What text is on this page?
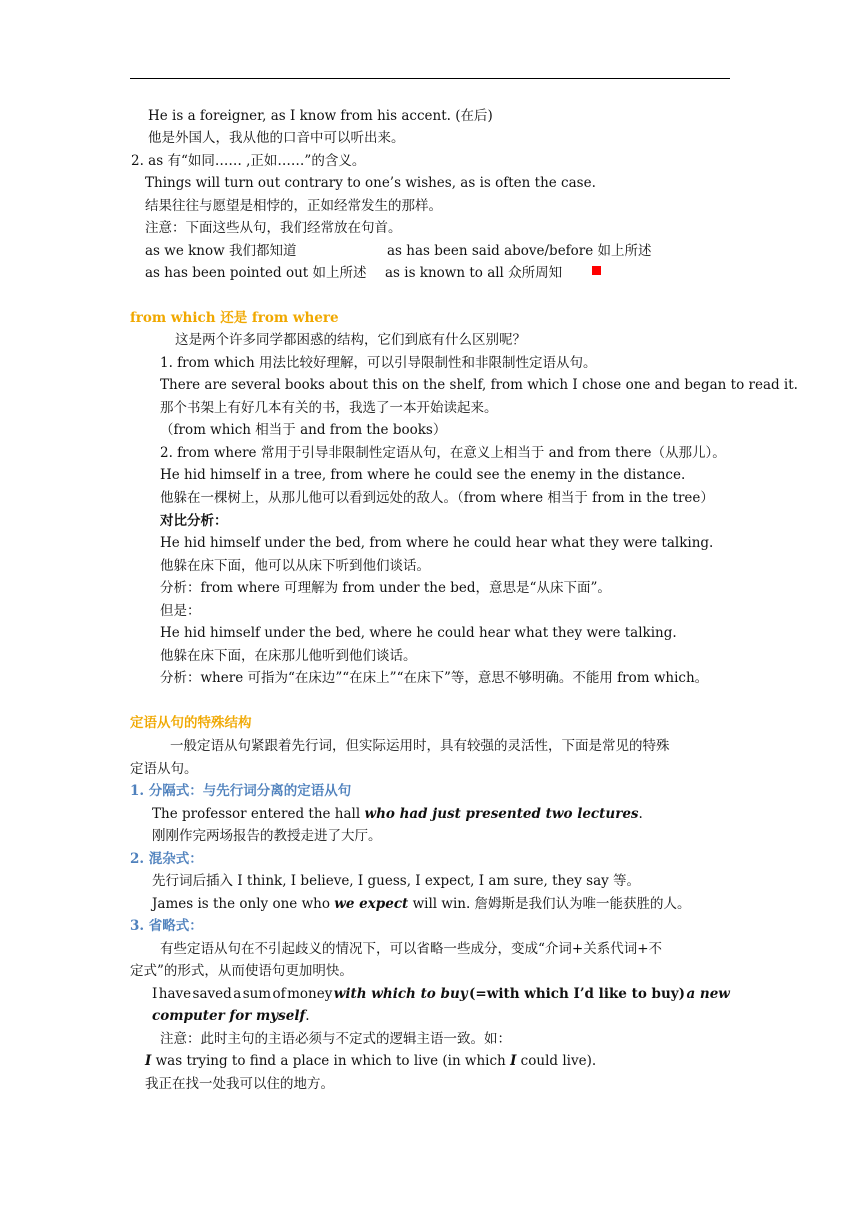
He is a foreigner, as I know from his accent. (在后)
他是外国人，我从他的口音中可以听出来。
2. as 有“如同…… ,正如……”的含义。
Things will turn out contrary to one’s wishes, as is often the case.
结果往往与愿望是相悖的，正如经常发生的那样。
注意：下面这些从句，我们经常放在句首。
as we know 我们都知道	as has been said above/before 如上所述
as has been pointed out 如上所述 as is known to all 众所周知
from which 还是 from where
这是两个许多同学都困惑的结构，它们到底有什么区别呢？
1. from which 用法比较好理解，可以引导限制性和非限制性定语从句。
There are several books about this on the shelf, from which I chose one and began to read it.
那个书架上有好几本有关的书，我选了一本开始读起来。
（from which 相当于 and from the books）
2. from where 常用于引导非限制性定语从句，在意义上相当于 and from there（从那儿）。
He hid himself in a tree, from where he could see the enemy in the distance.
他躲在一棵树上，从那儿他可以看到远处的敌人。（from where 相当于 from in the tree）
对比分析：
He hid himself under the bed, from where he could hear what they were talking.
他躲在床下面，他可以从床下听到他们谈话。
分析：from where 可理解为 from under the bed，意思是“从床下面”。
但是：
He hid himself under the bed, where he could hear what they were talking.
他躲在床下面，在床那儿他听到他们谈话。
分析：where 可指为“在床边”“在床上”“在床下”等，意思不够明确。不能用 from which。
定语从句的特殊结构
一般定语从句紧跟着先行词，但实际运用时，具有较强的灵活性，下面是常见的特殊
定语从句。
1. 分隔式：与先行词分离的定语从句
The professor entered the hall who had just presented two lectures.
刚刚作完两场报告的教授走进了大厅。
2. 混杂式：
先行词后插入 I think, I believe, I guess, I expect, I am sure, they say 等。
James is the only one who we expect will win. 詹姆斯是我们认为唯一能获胜的人。
3. 省略式：
有些定语从句在不引起歧义的情况下，可以省略一些成分，变成“介词+关系代词+不
定式”的形式，从而使语句更加明快。
I have saved a sum of money with which to buy (=with which I’d like to buy) a new
computer for myself.
注意：此时主句的主语必须与不定式的逻辑主语一致。如：
I was trying to find a place in which to live (in which I could live).
我正在找一处我可以住的地方。
